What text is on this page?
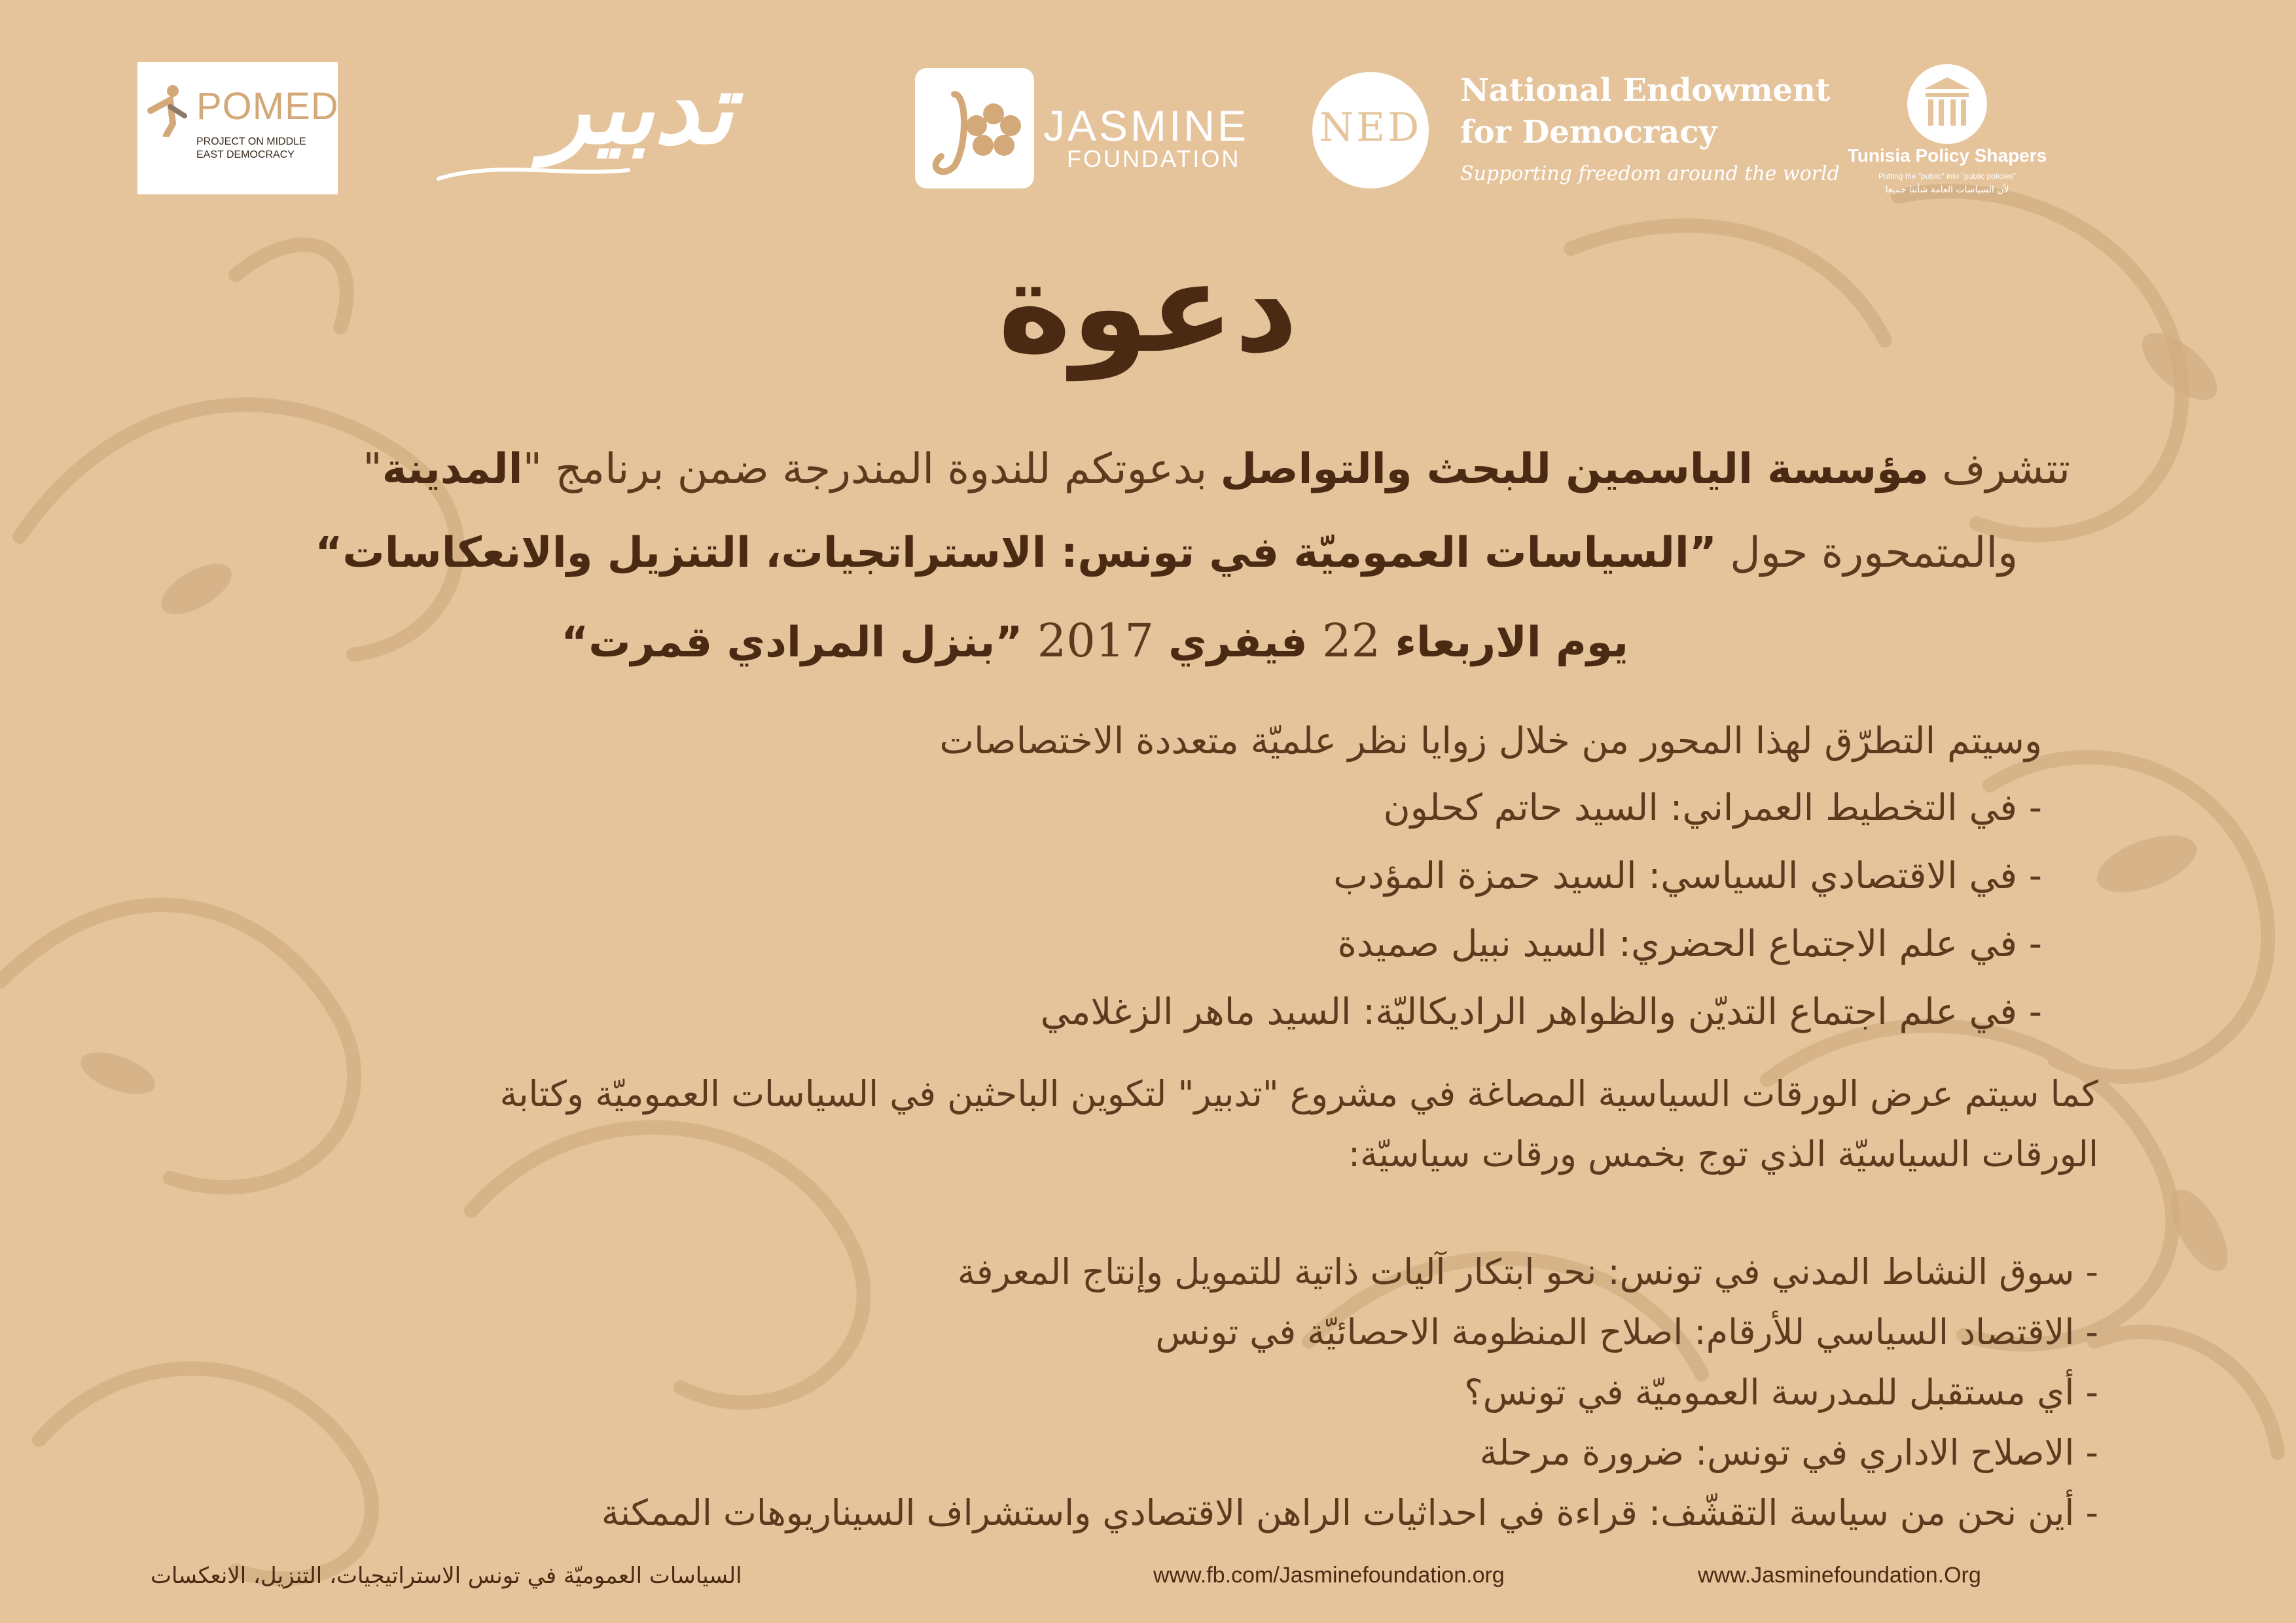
POMED
PROJECT ON MIDDLE EAST DEMOCRACY	تدبير	JASMINE
FOUNDATION
NED
National Endowment
for Democracy
Supporting freedom around the world
Tunisia Policy Shapers
Putting the "public" into "public policies"
لأن السياسات العامة شأننا جميعا
دعوة
تتشرف مؤسسة الياسمين للبحث والتواصل بدعوتكم للندوة المندرجة ضمن برنامج "المدينة"
والمتمحورة حول ”السياسات العموميّة في تونس: الاستراتجيات، التنزيل والانعكاسات“
يوم الاربعاء 22 فيفري 2017 ”بنزل المرادي قمرت“
وسيتم التطرّق لهذا المحور من خلال زوايا نظر علميّة متعددة الاختصاصات
- في التخطيط العمراني: السيد حاتم كحلون
- في الاقتصادي السياسي: السيد حمزة المؤدب
- في علم الاجتماع الحضري: السيد نبيل صميدة
- في علم اجتماع التديّن والظواهر الراديكاليّة: السيد ماهر الزغلامي
كما سيتم عرض الورقات السياسية المصاغة في مشروع "تدبير" لتكوين الباحثين في السياسات العموميّة وكتابة
الورقات السياسيّة الذي توج بخمس ورقات سياسيّة:
- سوق النشاط المدني في تونس: نحو ابتكار آليات ذاتية للتمويل وإنتاج المعرفة
- الاقتصاد السياسي للأرقام: اصلاح المنظومة الاحصائيّة في تونس
- أي مستقبل للمدرسة العموميّة في تونس؟
- الاصلاح الاداري في تونس: ضرورة مرحلة
- أين نحن من سياسة التقشّف: قراءة في احداثيات الراهن الاقتصادي واستشراف السيناريوهات الممكنة
السياسات العموميّة في تونس الاستراتيجيات، التنزيل، الانعكسات	www.fb.com/Jasminefoundation.org	www.Jasminefoundation.Org
